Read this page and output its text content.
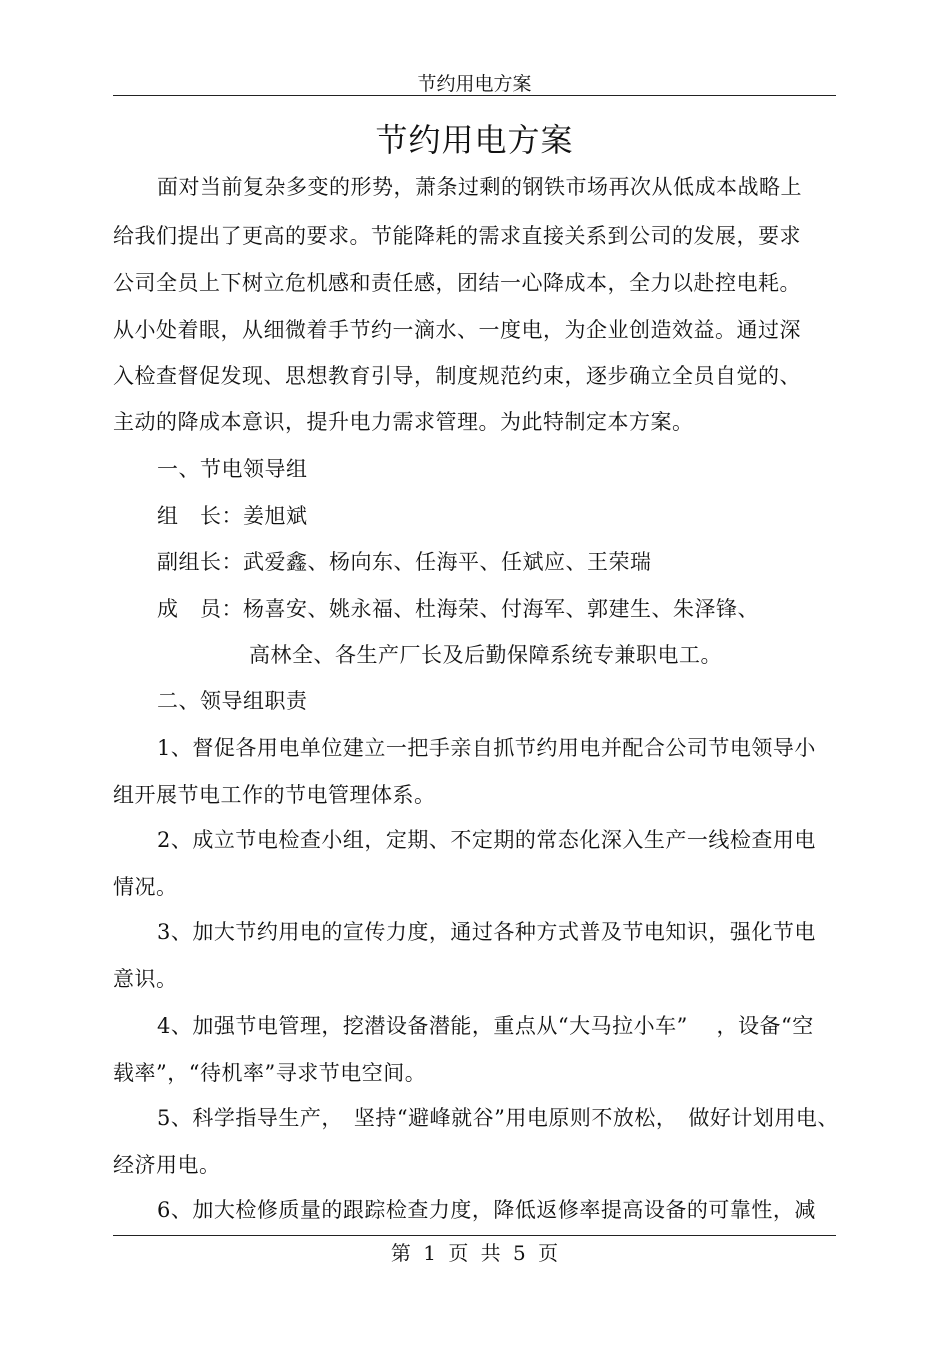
节约用电方案
节约用电方案
面对当前复杂多变的形势，萧条过剩的钢铁市场再次从低成本战略上
给我们提出了更高的要求。节能降耗的需求直接关系到公司的发展，要求
公司全员上下树立危机感和责任感，团结一心降成本，全力以赴控电耗。
从小处着眼，从细微着手节约一滴水、一度电，为企业创造效益。通过深
入检查督促发现、思想教育引导，制度规范约束，逐步确立全员自觉的、
主动的降成本意识，提升电力需求管理。为此特制定本方案。
一、节电领导组
组　长：姜旭斌
副组长：武爱鑫、杨向东、任海平、任斌应、王荣瑞
成　员：杨喜安、姚永福、杜海荣、付海军、郭建生、朱泽锋、
高林全、各生产厂长及后勤保障系统专兼职电工。
二、领导组职责
1、督促各用电单位建立一把手亲自抓节约用电并配合公司节电领导小
组开展节电工作的节电管理体系。
2、成立节电检查小组，定期、不定期的常态化深入生产一线检查用电
情况。
3、加大节约用电的宣传力度，通过各种方式普及节电知识，强化节电
意识。
4、加强节电管理，挖潜设备潜能，重点从“大马拉小车”　 ，设备“空
载率”，“待机率”寻求节电空间。
5、科学指导生产，　坚持“避峰就谷”用电原则不放松，　做好计划用电、
经济用电。
6、加大检修质量的跟踪检查力度，降低返修率提高设备的可靠性，减
第 1 页 共 5 页
